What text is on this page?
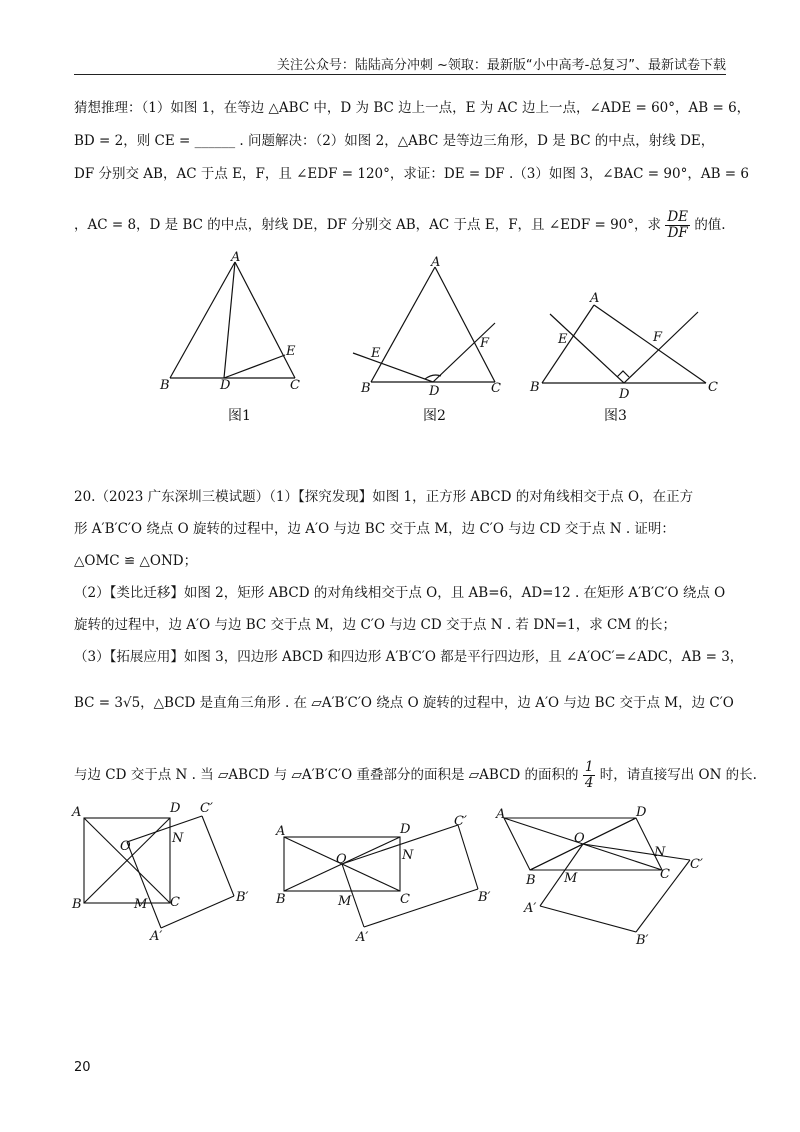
关注公众号：陆陆高分冲刺 ~领取：最新版“小中高考-总复习”、最新试卷下载
猜想推理：（1）如图 1，在等边 △ABC 中，D 为 BC 边上一点，E 为 AC 边上一点，∠ADE = 60°，AB = 6，
BD = 2，则 CE = ______ . 问题解决：（2）如图 2，△ABC 是等边三角形，D 是 BC 的中点，射线 DE，
DF 分别交 AB，AC 于点 E，F，且 ∠EDF = 120°，求证：DE = DF .（3）如图 3，∠BAC = 90°，AB = 6
，AC = 8，D 是 BC 的中点，射线 DE，DF 分别交 AB，AC 于点 E，F，且 ∠EDF = 90°，求 $\frac{DE}{DF}$ 的值.
A
B	C
D
E
图1
A
B	C
D
E
F
图2
A
B	C
D
E	F
图3
20.（2023 广东深圳三模试题）（1）【探究发现】如图 1，正方形 ABCD 的对角线相交于点 O，在正方
形 A′B′C′O 绕点 O 旋转的过程中，边 A′O 与边 BC 交于点 M，边 C′O 与边 CD 交于点 N . 证明：
△OMC ≌ △OND；
（2）【类比迁移】如图 2，矩形 ABCD 的对角线相交于点 O，且 AB=6，AD=12 . 在矩形 A′B′C′O 绕点 O
旋转的过程中，边 A′O 与边 BC 交于点 M，边 C′O 与边 CD 交于点 N . 若 DN=1，求 CM 的长；
（3）【拓展应用】如图 3，四边形 ABCD 和四边形 A′B′C′O 都是平行四边形，且 ∠A′OC′=∠ADC，AB = 3，
BC = 3√5，△BCD 是直角三角形 . 在 ▱A′B′C′O 绕点 O 旋转的过程中，边 A′O 与边 BC 交于点 M，边 C′O
与边 CD 交于点 N . 当 ▱ABCD 与 ▱A′B′C′O 重叠部分的面积是 ▱ABCD 的面积的 $\frac{1}{4}$ 时，请直接写出 ON 的长.
A
B	C
D
O
M
N
A′
B′
C′
A
B	C
D
O
M
N
A′
B′
C′ A
B	C
D
O
M
N
A′
B′
C′
20
